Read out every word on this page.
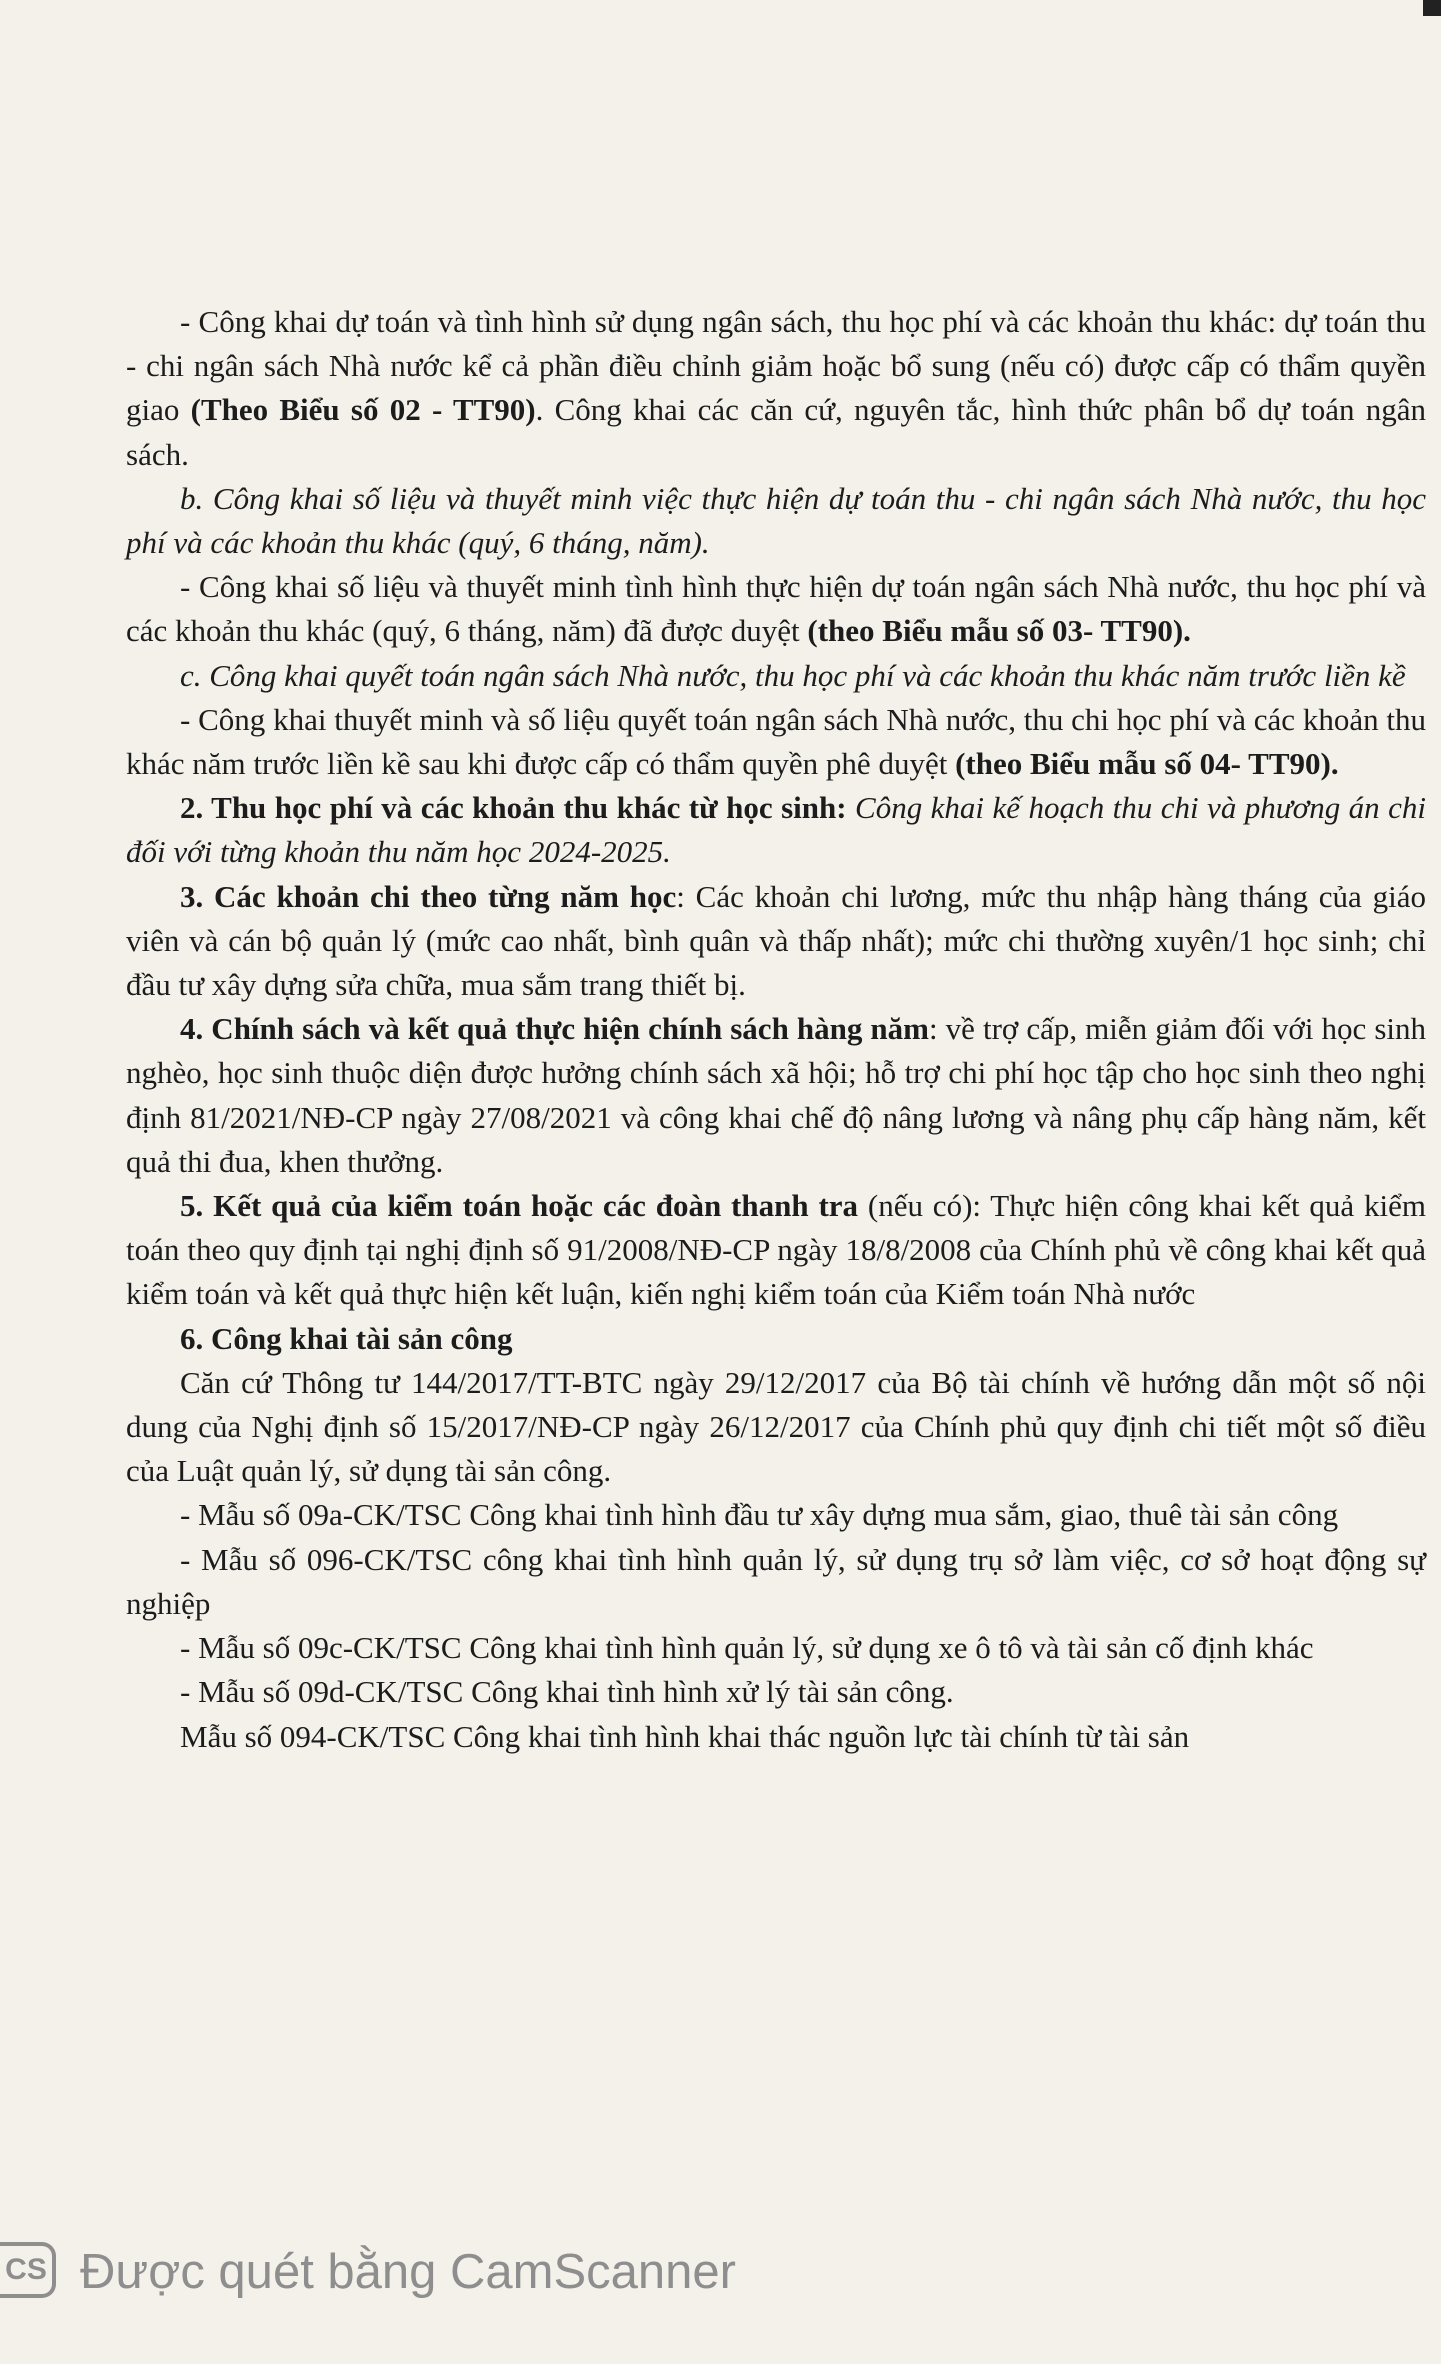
- Công khai dự toán và tình hình sử dụng ngân sách, thu học phí và các khoản thu khác: dự toán thu - chi ngân sách Nhà nước kể cả phần điều chỉnh giảm hoặc bổ sung (nếu có) được cấp có thẩm quyền giao (Theo Biểu số 02 - TT90). Công khai các căn cứ, nguyên tắc, hình thức phân bổ dự toán ngân sách.

b. Công khai số liệu và thuyết minh việc thực hiện dự toán thu - chi ngân sách Nhà nước, thu học phí và các khoản thu khác (quý, 6 tháng, năm).

- Công khai số liệu và thuyết minh tình hình thực hiện dự toán ngân sách Nhà nước, thu học phí và các khoản thu khác (quý, 6 tháng, năm) đã được duyệt (theo Biểu mẫu số 03- TT90).

c. Công khai quyết toán ngân sách Nhà nước, thu học phí và các khoản thu khác năm trước liền kề

- Công khai thuyết minh và số liệu quyết toán ngân sách Nhà nước, thu chi học phí và các khoản thu khác năm trước liền kề sau khi được cấp có thẩm quyền phê duyệt (theo Biểu mẫu số 04- TT90).

2. Thu học phí và các khoản thu khác từ học sinh: Công khai kế hoạch thu chi và phương án chi đối với từng khoản thu năm học 2024-2025.

3. Các khoản chi theo từng năm học: Các khoản chi lương, mức thu nhập hàng tháng của giáo viên và cán bộ quản lý (mức cao nhất, bình quân và thấp nhất); mức chi thường xuyên/1 học sinh; chỉ đầu tư xây dựng sửa chữa, mua sắm trang thiết bị.

4. Chính sách và kết quả thực hiện chính sách hàng năm: về trợ cấp, miễn giảm đối với học sinh nghèo, học sinh thuộc diện được hưởng chính sách xã hội; hỗ trợ chi phí học tập cho học sinh theo nghị định 81/2021/NĐ-CP ngày 27/08/2021 và công khai chế độ nâng lương và nâng phụ cấp hàng năm, kết quả thi đua, khen thưởng.

5. Kết quả của kiểm toán hoặc các đoàn thanh tra (nếu có): Thực hiện công khai kết quả kiểm toán theo quy định tại nghị định số 91/2008/NĐ-CP ngày 18/8/2008 của Chính phủ về công khai kết quả kiểm toán và kết quả thực hiện kết luận, kiến nghị kiểm toán của Kiểm toán Nhà nước

6. Công khai tài sản công

Căn cứ Thông tư 144/2017/TT-BTC ngày 29/12/2017 của Bộ tài chính về hướng dẫn một số nội dung của Nghị định số 15/2017/NĐ-CP ngày 26/12/2017 của Chính phủ quy định chi tiết một số điều của Luật quản lý, sử dụng tài sản công.

- Mẫu số 09a-CK/TSC Công khai tình hình đầu tư xây dựng mua sắm, giao, thuê tài sản công

- Mẫu số 096-CK/TSC công khai tình hình quản lý, sử dụng trụ sở làm việc, cơ sở hoạt động sự nghiệp

- Mẫu số 09c-CK/TSC Công khai tình hình quản lý, sử dụng xe ô tô và tài sản cố định khác

- Mẫu số 09d-CK/TSC Công khai tình hình xử lý tài sản công.

Mẫu số 094-CK/TSC Công khai tình hình khai thác nguồn lực tài chính từ tài sản

CS Được quét bằng CamScanner
